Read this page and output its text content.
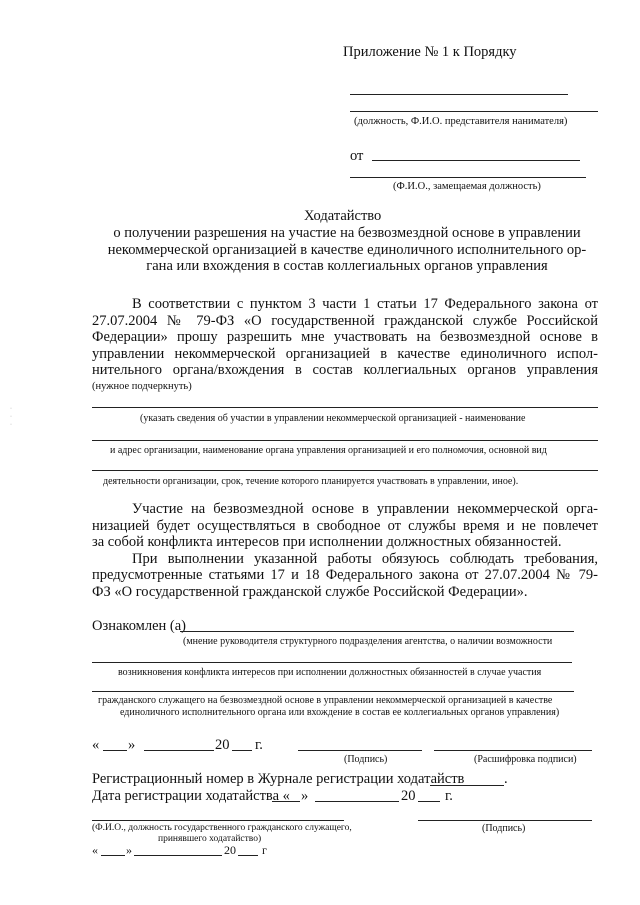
Приложение № 1 к Порядку
(должность, Ф.И.О. представителя нанимателя)
от
(Ф.И.О., замещаемая должность)
Ходатайство
о получении разрешения на участие на безвозмездной основе в управлении
некоммерческой организацией в качестве единоличного исполнительного ор-
гана или вхождения в состав коллегиальных органов управления
В соответствии с пунктом 3 части 1 статьи 17 Федерального закона от
27.07.2004 № 79-ФЗ «О государственной гражданской службе Российской
Федерации» прошу разрешить мне участвовать на безвозмездной основе в
управлении некоммерческой организацией в качестве единоличного испол-
нительного органа/вхождения в состав коллегиальных органов управления
(нужное подчеркнуть)
(указать сведения об участии в управлении некоммерческой организацией - наименование
и адрес организации, наименование органа управления организацией и его полномочия, основной вид
деятельности организации, срок, течение которого планируется участвовать в управлении, иное).
Участие на безвозмездной основе в управлении некоммерческой орга-
низацией будет осуществляться в свободное от службы время и не повлечет
за собой конфликта интересов при исполнении должностных обязанностей.
При выполнении указанной работы обязуюсь соблюдать требования,
предусмотренные статьями 17 и 18 Федерального закона от 27.07.2004 № 79-
ФЗ «О государственной гражданской службе Российской Федерации».
Ознакомлен (а)
(мнение руководителя структурного подразделения агентства, о наличии возможности
возникновения конфликта интересов при исполнении должностных обязанностей в случае участия
гражданского служащего на безвозмездной основе в управлении некоммерческой организацией в качестве
единоличного исполнительного органа или вхождение в состав ее коллегиальных органов управления)
« »	20 г.
(Подпись)	(Расшифровка подписи)
Регистрационный номер в Журнале регистрации ходатайств	.
Дата регистрации ходатайства « »	20 г.
(Ф.И.О., должность государственного гражданского служащего,
принявшего ходатайство)
(Подпись)
« »	20 г
·
·
·
